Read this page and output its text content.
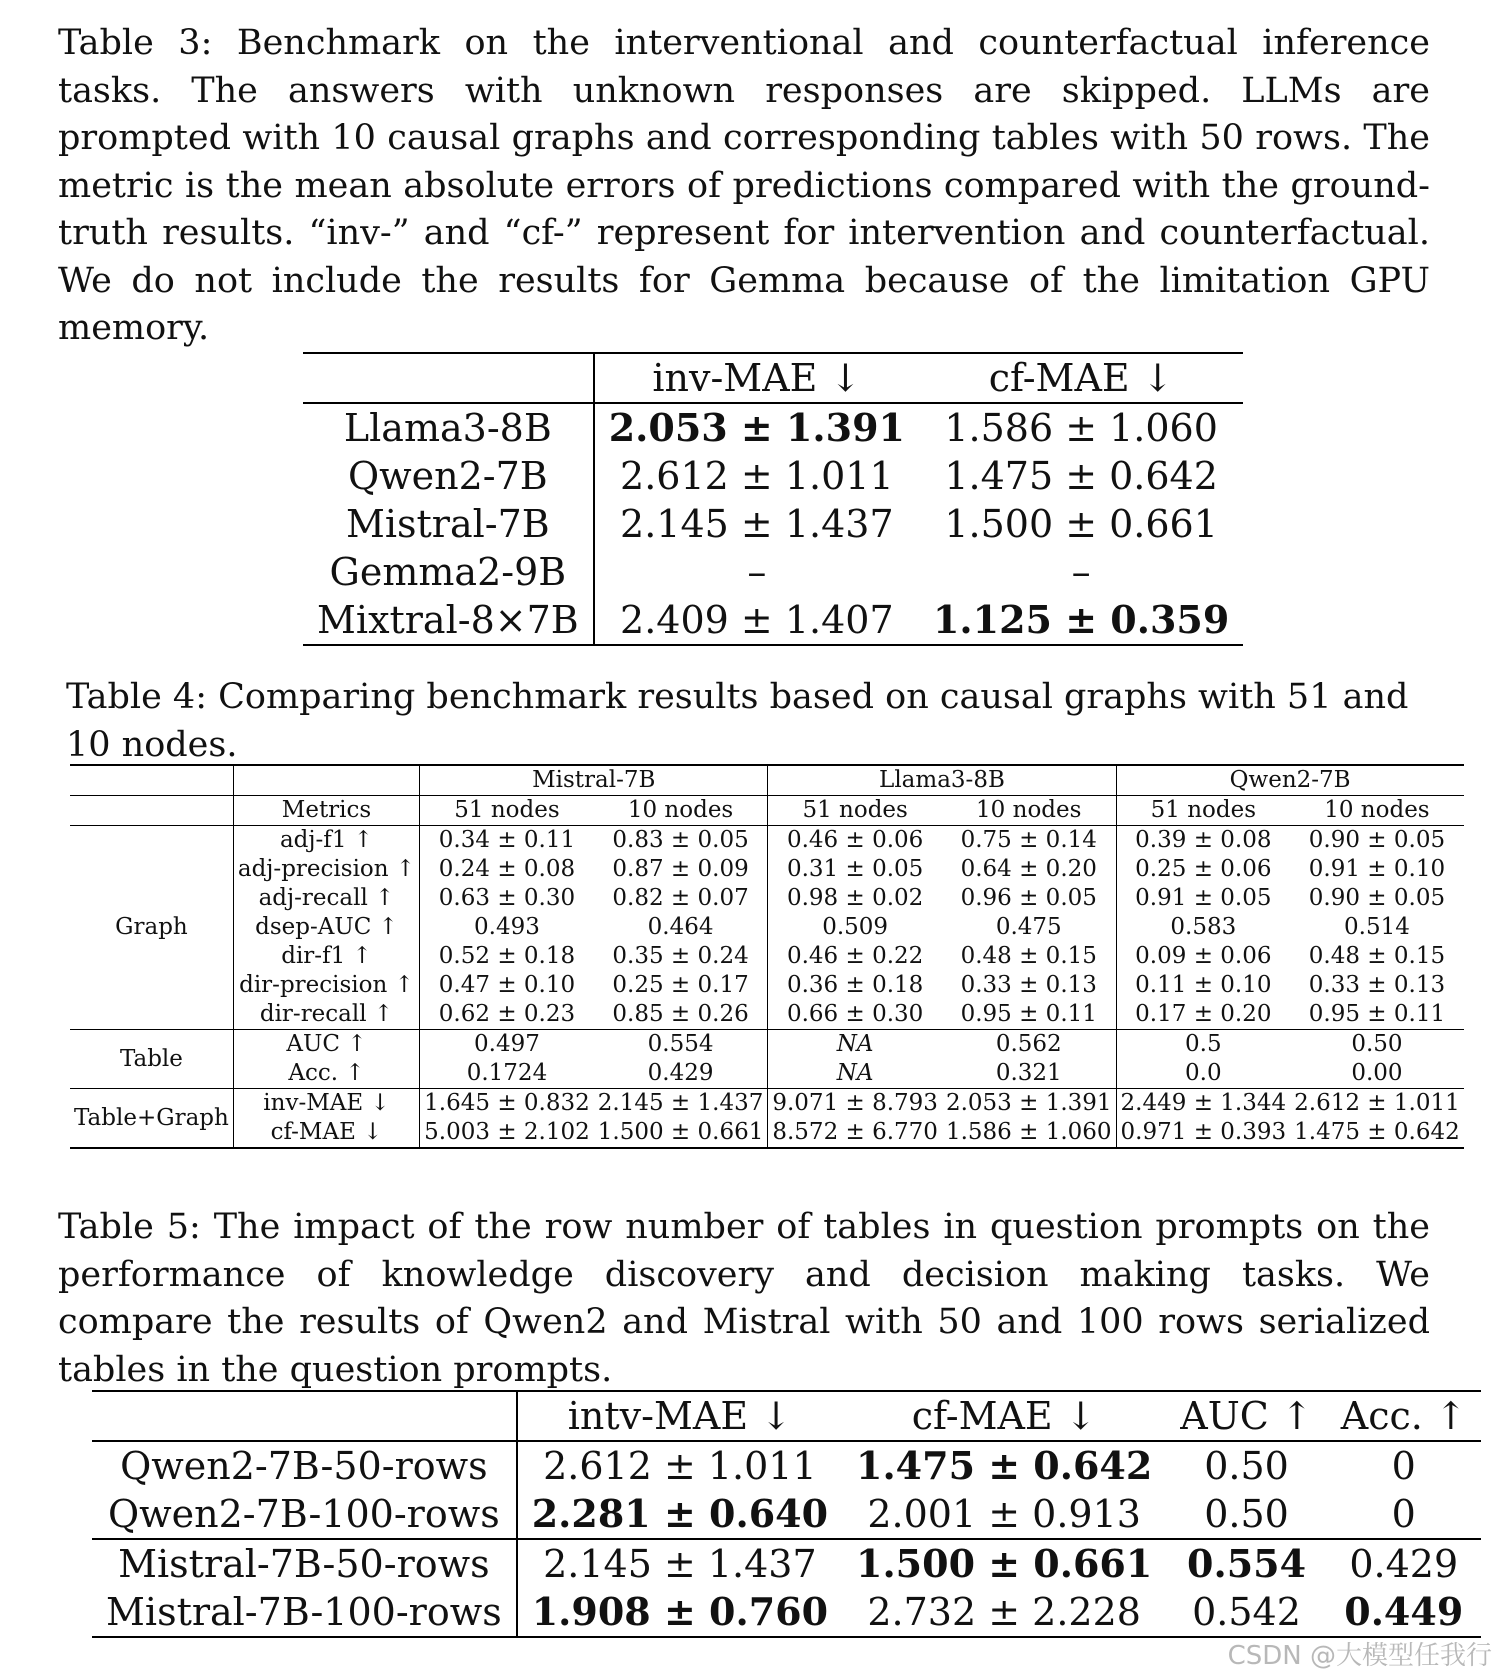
Table 3: Benchmark on the interventional and counterfactual inference tasks. The answers with unknown responses are skipped. LLMs are prompted with 10 causal graphs and corresponding tables with 50 rows. The metric is the mean absolute errors of predictions compared with the ground-truth results. “inv-” and “cf-” represent for intervention and counterfactual. We do not include the results for Gemma because of the limitation GPU memory.

	inv-MAE ↓	cf-MAE ↓
Llama3-8B	2.053 ± 1.391	1.586 ± 1.060
Qwen2-7B	2.612 ± 1.011	1.475 ± 0.642
Mistral-7B	2.145 ± 1.437	1.500 ± 0.661
Gemma2-9B	–	–
Mixtral-8×7B	2.409 ± 1.407	1.125 ± 0.359

Table 4: Comparing benchmark results based on causal graphs with 51 and 10 nodes.

		Mistral-7B		Llama3-8B		Qwen2-7B	
	Metrics	51 nodes	10 nodes	51 nodes	10 nodes	51 nodes	10 nodes
Graph	adj-f1 ↑	0.34 ± 0.11	0.83 ± 0.05	0.46 ± 0.06	0.75 ± 0.14	0.39 ± 0.08	0.90 ± 0.05
	adj-precision ↑	0.24 ± 0.08	0.87 ± 0.09	0.31 ± 0.05	0.64 ± 0.20	0.25 ± 0.06	0.91 ± 0.10
	adj-recall ↑	0.63 ± 0.30	0.82 ± 0.07	0.98 ± 0.02	0.96 ± 0.05	0.91 ± 0.05	0.90 ± 0.05
	dsep-AUC ↑	0.493	0.464	0.509	0.475	0.583	0.514
	dir-f1 ↑	0.52 ± 0.18	0.35 ± 0.24	0.46 ± 0.22	0.48 ± 0.15	0.09 ± 0.06	0.48 ± 0.15
	dir-precision ↑	0.47 ± 0.10	0.25 ± 0.17	0.36 ± 0.18	0.33 ± 0.13	0.11 ± 0.10	0.33 ± 0.13
	dir-recall ↑	0.62 ± 0.23	0.85 ± 0.26	0.66 ± 0.30	0.95 ± 0.11	0.17 ± 0.20	0.95 ± 0.11
Table	AUC ↑	0.497	0.554	NA	0.562	0.5	0.50
	Acc. ↑	0.1724	0.429	NA	0.321	0.0	0.00
Table+Graph	inv-MAE ↓	1.645 ± 0.832	2.145 ± 1.437	9.071 ± 8.793	2.053 ± 1.391	2.449 ± 1.344	2.612 ± 1.011
	cf-MAE ↓	5.003 ± 2.102	1.500 ± 0.661	8.572 ± 6.770	1.586 ± 1.060	0.971 ± 0.393	1.475 ± 0.642

Table 5: The impact of the row number of tables in question prompts on the performance of knowledge discovery and decision making tasks. We compare the results of Qwen2 and Mistral with 50 and 100 rows serialized tables in the question prompts.

	intv-MAE ↓	cf-MAE ↓	AUC ↑	Acc. ↑
Qwen2-7B-50-rows	2.612 ± 1.011	1.475 ± 0.642	0.50	0
Qwen2-7B-100-rows	2.281 ± 0.640	2.001 ± 0.913	0.50	0
Mistral-7B-50-rows	2.145 ± 1.437	1.500 ± 0.661	0.554	0.429
Mistral-7B-100-rows	1.908 ± 0.760	2.732 ± 2.228	0.542	0.449
CSDN @大模型任我行
